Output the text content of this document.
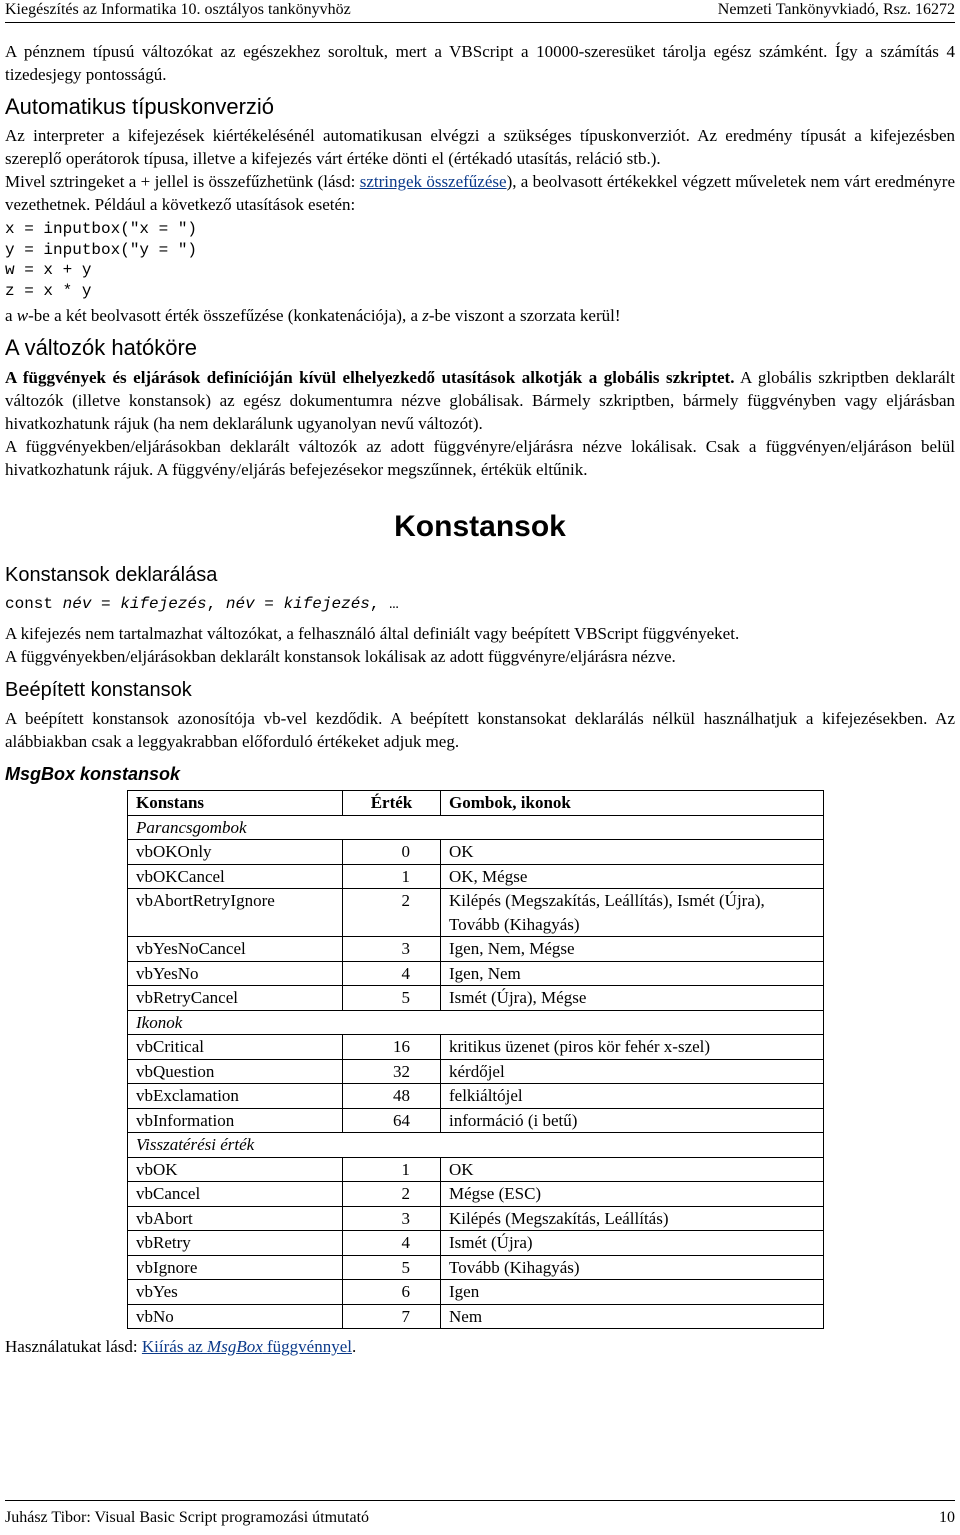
Kiegészítés az Informatika 10. osztályos tankönyvhöz	Nemzeti Tankönyvkiadó, Rsz. 16272

A pénznem típusú változókat az egészekhez soroltuk, mert a VBScript a 10000-szeresüket tárolja egész számként. Így a számítás 4 tizedesjegy pontosságú.

Automatikus típuskonverzió

Az interpreter a kifejezések kiértékelésénél automatikusan elvégzi a szükséges típuskonverziót. Az eredmény típusát a kifejezésben szereplő operátorok típusa, illetve a kifejezés várt értéke dönti el (értékadó utasítás, reláció stb.).

Mivel sztringeket a + jellel is összefűzhetünk (lásd: sztringek összefűzése), a beolvasott értékekkel végzett műveletek nem várt eredményre vezethetnek. Például a következő utasítások esetén:

x = inputbox("x = ")
y = inputbox("y = ")
w = x + y
z = x * y

a w-be a két beolvasott érték összefűzése (konkatenációja), a z-be viszont a szorzata kerül!

A változók hatóköre

A függvények és eljárások definícióján kívül elhelyezkedő utasítások alkotják a globális szkriptet. A globális szkriptben deklarált változók (illetve konstansok) az egész dokumentumra nézve globálisak. Bármely szkriptben, bármely függvényben vagy eljárásban hivatkozhatunk rájuk (ha nem deklarálunk ugyanolyan nevű változót).

A függvényekben/eljárásokban deklarált változók az adott függvényre/eljárásra nézve lokálisak. Csak a függvényen/eljáráson belül hivatkozhatunk rájuk. A függvény/eljárás befejezésekor megszűnnek, értékük eltűnik.

Konstansok
Konstansok deklarálása
const név = kifejezés, név = kifejezés, …

A kifejezés nem tartalmazhat változókat, a felhasználó által definiált vagy beépített VBScript függvényeket.

A függvényekben/eljárásokban deklarált konstansok lokálisak az adott függvényre/eljárásra nézve.

Beépített konstansok

A beépített konstansok azonosítója vb-vel kezdődik. A beépített konstansokat deklarálás nélkül használhatjuk a kifejezésekben. Az alábbiakban csak a leggyakrabban előforduló értékeket adjuk meg.

MsgBox konstansok
Konstans	Érték	Gombok, ikonok
Parancsgombok		
vbOKOnly	0	OK
vbOKCancel	1	OK, Mégse
vbAbortRetryIgnore	2	Kilépés (Megszakítás, Leállítás), Ismét (Újra), Tovább (Kihagyás)
vbYesNoCancel	3	Igen, Nem, Mégse
vbYesNo	4	Igen, Nem
vbRetryCancel	5	Ismét (Újra), Mégse
Ikonok		
vbCritical	16	kritikus üzenet (piros kör fehér x-szel)
vbQuestion	32	kérdőjel
vbExclamation	48	felkiáltójel
vbInformation	64	információ (i betű)
Visszatérési érték		
vbOK	1	OK
vbCancel	2	Mégse (ESC)
vbAbort	3	Kilépés (Megszakítás, Leállítás)
vbRetry	4	Ismét (Újra)
vbIgnore	5	Tovább (Kihagyás)
vbYes	6	Igen
vbNo	7	Nem

Használatukat lásd: Kiírás az MsgBox függvénnyel.

Juhász Tibor: Visual Basic Script programozási útmutató	10
